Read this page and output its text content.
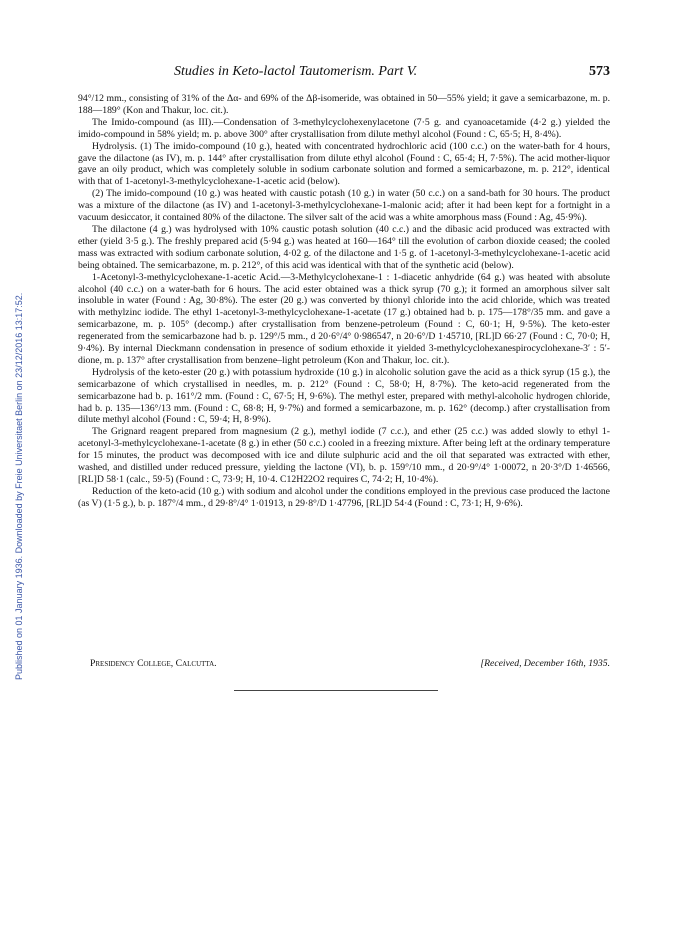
Published on 01 January 1936. Downloaded by Freie Universitaet Berlin on 23/12/2016 13:17:52.
Studies in Keto-lactol Tautomerism. Part V.	573

94°/12 mm., consisting of 31% of the Δα- and 69% of the Δβ-isomeride, was obtained in 50—55% yield; it gave a semicarbazone, m. p. 188—189° (Kon and Thakur, loc. cit.).

The Imido-compound (as III).—Condensation of 3-methylcyclohexenylacetone (7·5 g. and cyanoacetamide (4·2 g.) yielded the imido-compound in 58% yield; m. p. above 300° after crystallisation from dilute methyl alcohol (Found : C, 65·5; H, 8·4%).

Hydrolysis. (1) The imido-compound (10 g.), heated with concentrated hydrochloric acid (100 c.c.) on the water-bath for 4 hours, gave the dilactone (as IV), m. p. 144° after crystallisation from dilute ethyl alcohol (Found : C, 65·4; H, 7·5%). The acid mother-liquor gave an oily product, which was completely soluble in sodium carbonate solution and formed a semicarbazone, m. p. 212°, identical with that of 1-acetonyl-3-methylcyclohexane-1-acetic acid (below).

(2) The imido-compound (10 g.) was heated with caustic potash (10 g.) in water (50 c.c.) on a sand-bath for 30 hours. The product was a mixture of the dilactone (as IV) and 1-acetonyl-3-methylcyclohexane-1-malonic acid; after it had been kept for a fortnight in a vacuum desiccator, it contained 80% of the dilactone. The silver salt of the acid was a white amorphous mass (Found : Ag, 45·9%).

The dilactone (4 g.) was hydrolysed with 10% caustic potash solution (40 c.c.) and the dibasic acid produced was extracted with ether (yield 3·5 g.). The freshly prepared acid (5·94 g.) was heated at 160—164° till the evolution of carbon dioxide ceased; the cooled mass was extracted with sodium carbonate solution, 4·02 g. of the dilactone and 1·5 g. of 1-acetonyl-3-methylcyclohexane-1-acetic acid being obtained. The semicarbazone, m. p. 212°, of this acid was identical with that of the synthetic acid (below).

1-Acetonyl-3-methylcyclohexane-1-acetic Acid.—3-Methylcyclohexane-1 : 1-diacetic anhydride (64 g.) was heated with absolute alcohol (40 c.c.) on a water-bath for 6 hours. The acid ester obtained was a thick syrup (70 g.); it formed an amorphous silver salt insoluble in water (Found : Ag, 30·8%). The ester (20 g.) was converted by thionyl chloride into the acid chloride, which was treated with methylzinc iodide. The ethyl 1-acetonyl-3-methylcyclohexane-1-acetate (17 g.) obtained had b. p. 175—178°/35 mm. and gave a semicarbazone, m. p. 105° (decomp.) after crystallisation from benzene-petroleum (Found : C, 60·1; H, 9·5%). The keto-ester regenerated from the semicarbazone had b. p. 129°/5 mm., d 20·6°/4° 0·986547, n 20·6°/D 1·45710, [RL]D 66·27 (Found : C, 70·0; H, 9·4%). By internal Dieckmann condensation in presence of sodium ethoxide it yielded 3-methylcyclohexanespirocyclohexane-3′ : 5′-dione, m. p. 137° after crystallisation from benzene–light petroleum (Kon and Thakur, loc. cit.).

Hydrolysis of the keto-ester (20 g.) with potassium hydroxide (10 g.) in alcoholic solution gave the acid as a thick syrup (15 g.), the semicarbazone of which crystallised in needles, m. p. 212° (Found : C, 58·0; H, 8·7%). The keto-acid regenerated from the semicarbazone had b. p. 161°/2 mm. (Found : C, 67·5; H, 9·6%). The methyl ester, prepared with methyl-alcoholic hydrogen chloride, had b. p. 135—136°/13 mm. (Found : C, 68·8; H, 9·7%) and formed a semicarbazone, m. p. 162° (decomp.) after crystallisation from dilute methyl alcohol (Found : C, 59·4; H, 8·9%).

The Grignard reagent prepared from magnesium (2 g.), methyl iodide (7 c.c.), and ether (25 c.c.) was added slowly to ethyl 1-acetonyl-3-methylcyclohexane-1-acetate (8 g.) in ether (50 c.c.) cooled in a freezing mixture. After being left at the ordinary temperature for 15 minutes, the product was decomposed with ice and dilute sulphuric acid and the oil that separated was extracted with ether, washed, and distilled under reduced pressure, yielding the lactone (VI), b. p. 159°/10 mm., d 20·9°/4° 1·00072, n 20·3°/D 1·46566, [RL]D 58·1 (calc., 59·5) (Found : C, 73·9; H, 10·4. C12H22O2 requires C, 74·2; H, 10·4%).

Reduction of the keto-acid (10 g.) with sodium and alcohol under the conditions employed in the previous case produced the lactone (as V) (1·5 g.), b. p. 187°/4 mm., d 29·8°/4° 1·01913, n 29·8°/D 1·47796, [RL]D 54·4 (Found : C, 73·1; H, 9·6%).

Presidency College, Calcutta.	[Received, December 16th, 1935.
